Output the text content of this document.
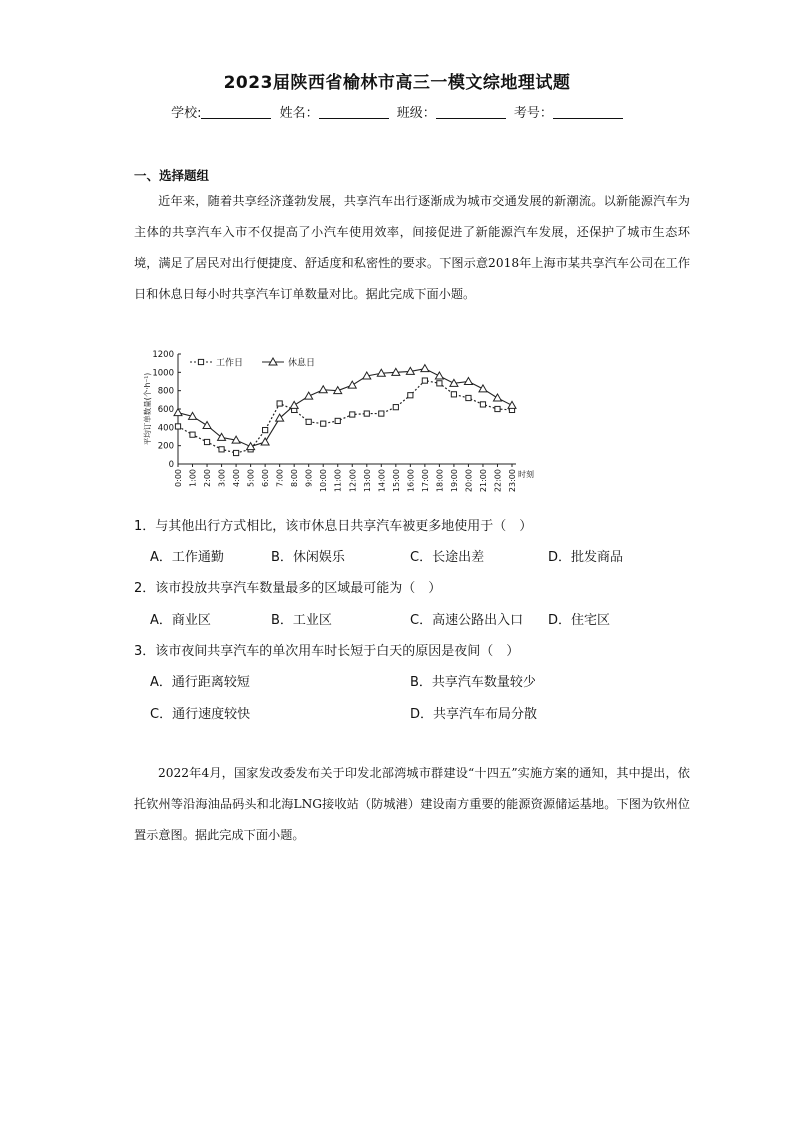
2023届陕西省榆林市高三一模文综地理试题
学校:	姓名：	班级：	考号：
一、选择题组
近年来，随着共享经济蓬勃发展，共享汽车出行逐渐成为城市交通发展的新潮流。以新能源汽车为主体的共享汽车入市不仅提高了小汽车使用效率，间接促进了新能源汽车发展，还保护了城市生态环境，满足了居民对出行便捷度、舒适度和私密性的要求。下图示意2018年上海市某共享汽车公司在工作日和休息日每小时共享汽车订单数量对比。据此完成下面小题。
0
200
400
600
800
1000
1200
平均订单数量(个·h⁻¹)
0:00 1:00 2:00 3:00 4:00 5:00 6:00 7:00 8:00 9:00 10:00 11:00 12:00 13:00 14:00 15:00 16:00 17:00 18:00 19:00 20:00 21:00 22:00 23:00 时刻
工作日	休息日
1．与其他出行方式相比，该市休息日共享汽车被更多地使用于（　）
A．工作通勤	B．休闲娱乐	C．长途出差	D．批发商品
2．该市投放共享汽车数量最多的区域最可能为（　）
A．商业区	B．工业区	C．高速公路出入口 D．住宅区
3．该市夜间共享汽车的单次用车时长短于白天的原因是夜间（　）
A．通行距离较短	B．共享汽车数量较少
C．通行速度较快	D．共享汽车布局分散
2022年4月，国家发改委发布关于印发北部湾城市群建设“十四五”实施方案的通知，其中提出，依托钦州等沿海油品码头和北海LNG接收站（防城港）建设南方重要的能源资源储运基地。下图为钦州位置示意图。据此完成下面小题。
